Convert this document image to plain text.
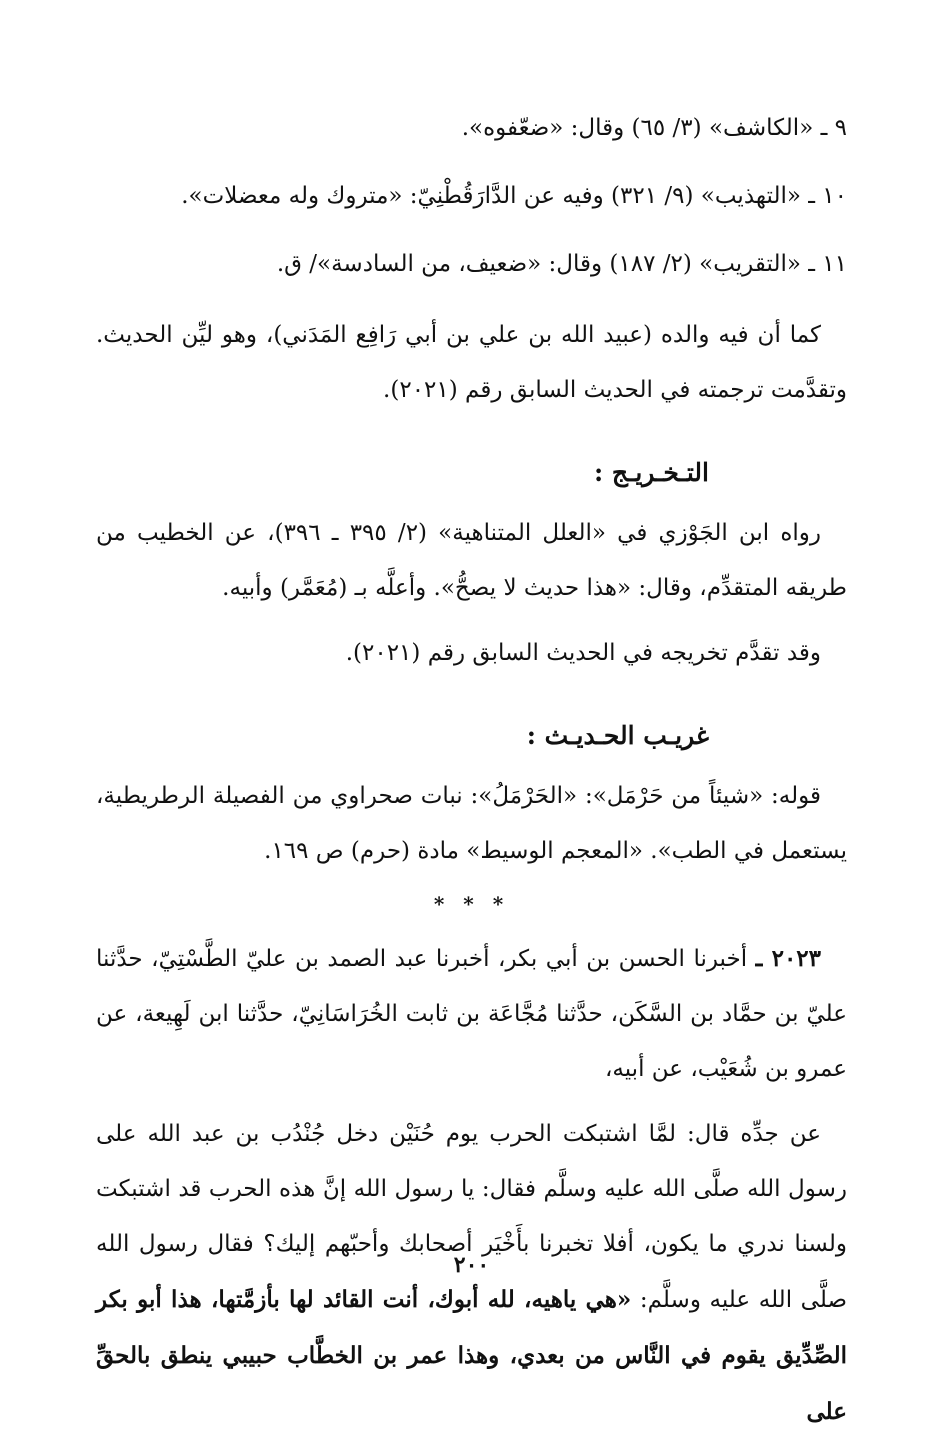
٩ ـ «الكاشف» (٣/ ٦٥) وقال: «ضعّفوه».

١٠ ـ «التهذيب» (٩/ ٣٢١) وفيه عن الدَّارَقُطْنِيّ: «متروك وله معضلات».

١١ ـ «التقريب» (٢/ ١٨٧) وقال: «ضعيف، من السادسة»/ ق.

كما أن فيه والده (عبيد الله بن علي بن أبي رَافِع المَدَني)، وهو ليِّن الحديث. وتقدَّمت ترجمته في الحديث السابق رقم (٢٠٢١).

التـخـريـج :

رواه ابن الجَوْزي في «العلل المتناهية» (٢/ ٣٩٥ ـ ٣٩٦)، عن الخطيب من طريقه المتقدِّم، وقال: «هذا حديث لا يصحُّ». وأعلَّه بـ (مُعَمَّر) وأبيه.

وقد تقدَّم تخريجه في الحديث السابق رقم (٢٠٢١).

غريـب الحـديـث :

قوله: «شيئاً من حَرْمَل»: «الحَرْمَلُ»: نبات صحراوي من الفصيلة الرطريطية، يستعمل في الطب». «المعجم الوسيط» مادة (حرم) ص ١٦٩.

* * *

٢٠٢٣ ـ أخبرنا الحسن بن أبي بكر، أخبرنا عبد الصمد بن عليّ الطَّسْتِيّ، حدَّثنا عليّ بن حمَّاد بن السَّكَن، حدَّثنا مُجَّاعَة بن ثابت الخُرَاسَانِيّ، حدَّثنا ابن لَهِيعة، عن عمرو بن شُعَيْب، عن أبيه،

عن جدِّه قال: لمَّا اشتبكت الحرب يوم حُنَيْن دخل جُنْدُب بن عبد الله على رسول الله صلَّى الله عليه وسلَّم فقال: يا رسول الله إنَّ هذه الحرب قد اشتبكت ولسنا ندري ما يكون، أفلا تخبرنا بأَخْيَر أصحابك وأحبّهم إليك؟ فقال رسول الله صلَّى الله عليه وسلَّم: «هي ياهيه، لله أبوك، أنت القائد لها بأزمَّتها، هذا أبو بكر الصِّدِّيق يقوم في النَّاس من بعدي، وهذا عمر بن الخطَّاب حبيبي ينطق بالحقِّ على

٢٠٠
